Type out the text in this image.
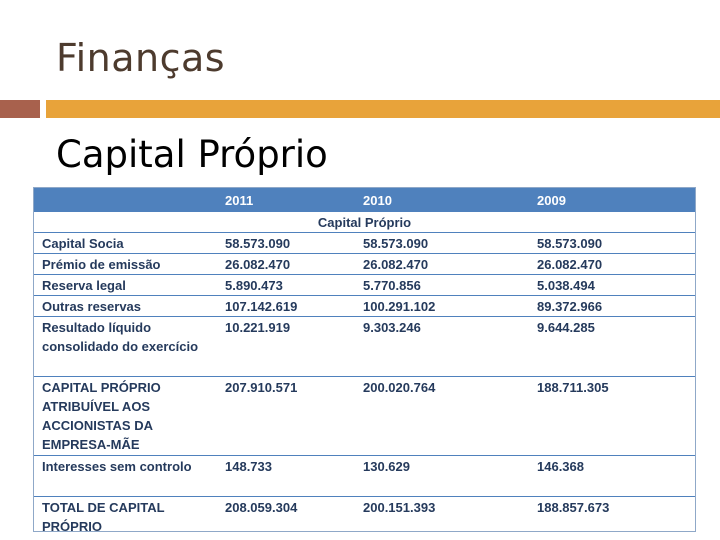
Finanças
Capital Próprio
	2011	2010	2009
Capital Próprio			
Capital Socia	58.573.090	58.573.090	58.573.090
Prémio de emissão	26.082.470	26.082.470	26.082.470
Reserva legal	5.890.473	5.770.856	5.038.494
Outras reservas	107.142.619	100.291.102	89.372.966
Resultado líquido consolidado do exercício	10.221.919	9.303.246	9.644.285
CAPITAL PRÓPRIO ATRIBUÍVEL AOS ACCIONISTAS DA EMPRESA-MÃE	207.910.571	200.020.764	188.711.305
Interesses sem controlo	148.733	130.629	146.368
TOTAL DE CAPITAL PRÓPRIO	208.059.304	200.151.393	188.857.673
